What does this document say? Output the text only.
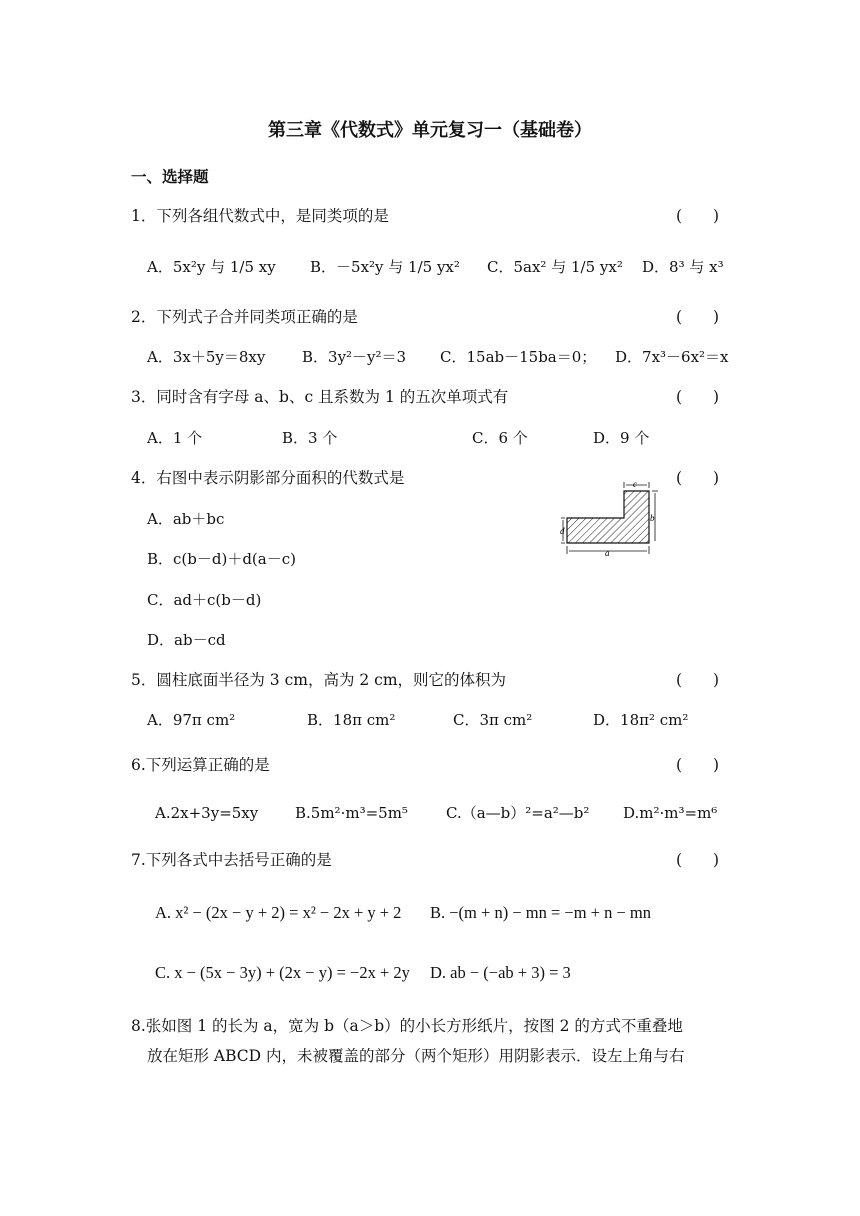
第三章《代数式》单元复习一（基础卷）
一、选择题
1．下列各组代数式中，是同类项的是	(　　)
A．5x²y 与 1/5 xy B．－5x²y 与 1/5 yx² C．5ax² 与 1/5 yx² D．8³ 与 x³
2．下列式子合并同类项正确的是	(　　)
A．3x＋5y＝8xy B．3y²－y²＝3 C．15ab－15ba＝0； D．7x³－6x²＝x
3．同时含有字母 a、b、c 且系数为 1 的五次单项式有	(　　)
A．1 个	B．3 个	C．6 个	D．9 个
4．右图中表示阴影部分面积的代数式是	(　　)
A．ab＋bc
B．c(b－d)＋d(a－c)
C．ad＋c(b－d)
D．ab－cd
c
b
d
a
5．圆柱底面半径为 3 cm，高为 2 cm，则它的体积为	(　　)
A．97π cm²	B．18π cm²	C．3π cm²	D．18π² cm²
6.下列运算正确的是	(　　)
A.2x+3y=5xy B.5m²·m³=5m⁵	C.（a—b）²=a²—b² D.m²·m³=m⁶
7.下列各式中去括号正确的是	(　　)
A. x² − (2x − y + 2) = x² − 2x + y + 2 B. −(m + n) − mn = −m + n − mn
C. x − (5x − 3y) + (2x − y) = −2x + 2y D. ab − (−ab + 3) = 3
8.张如图 1 的长为 a，宽为 b（a＞b）的小长方形纸片，按图 2 的方式不重叠地
放在矩形 ABCD 内，未被覆盖的部分（两个矩形）用阴影表示．设左上角与右
